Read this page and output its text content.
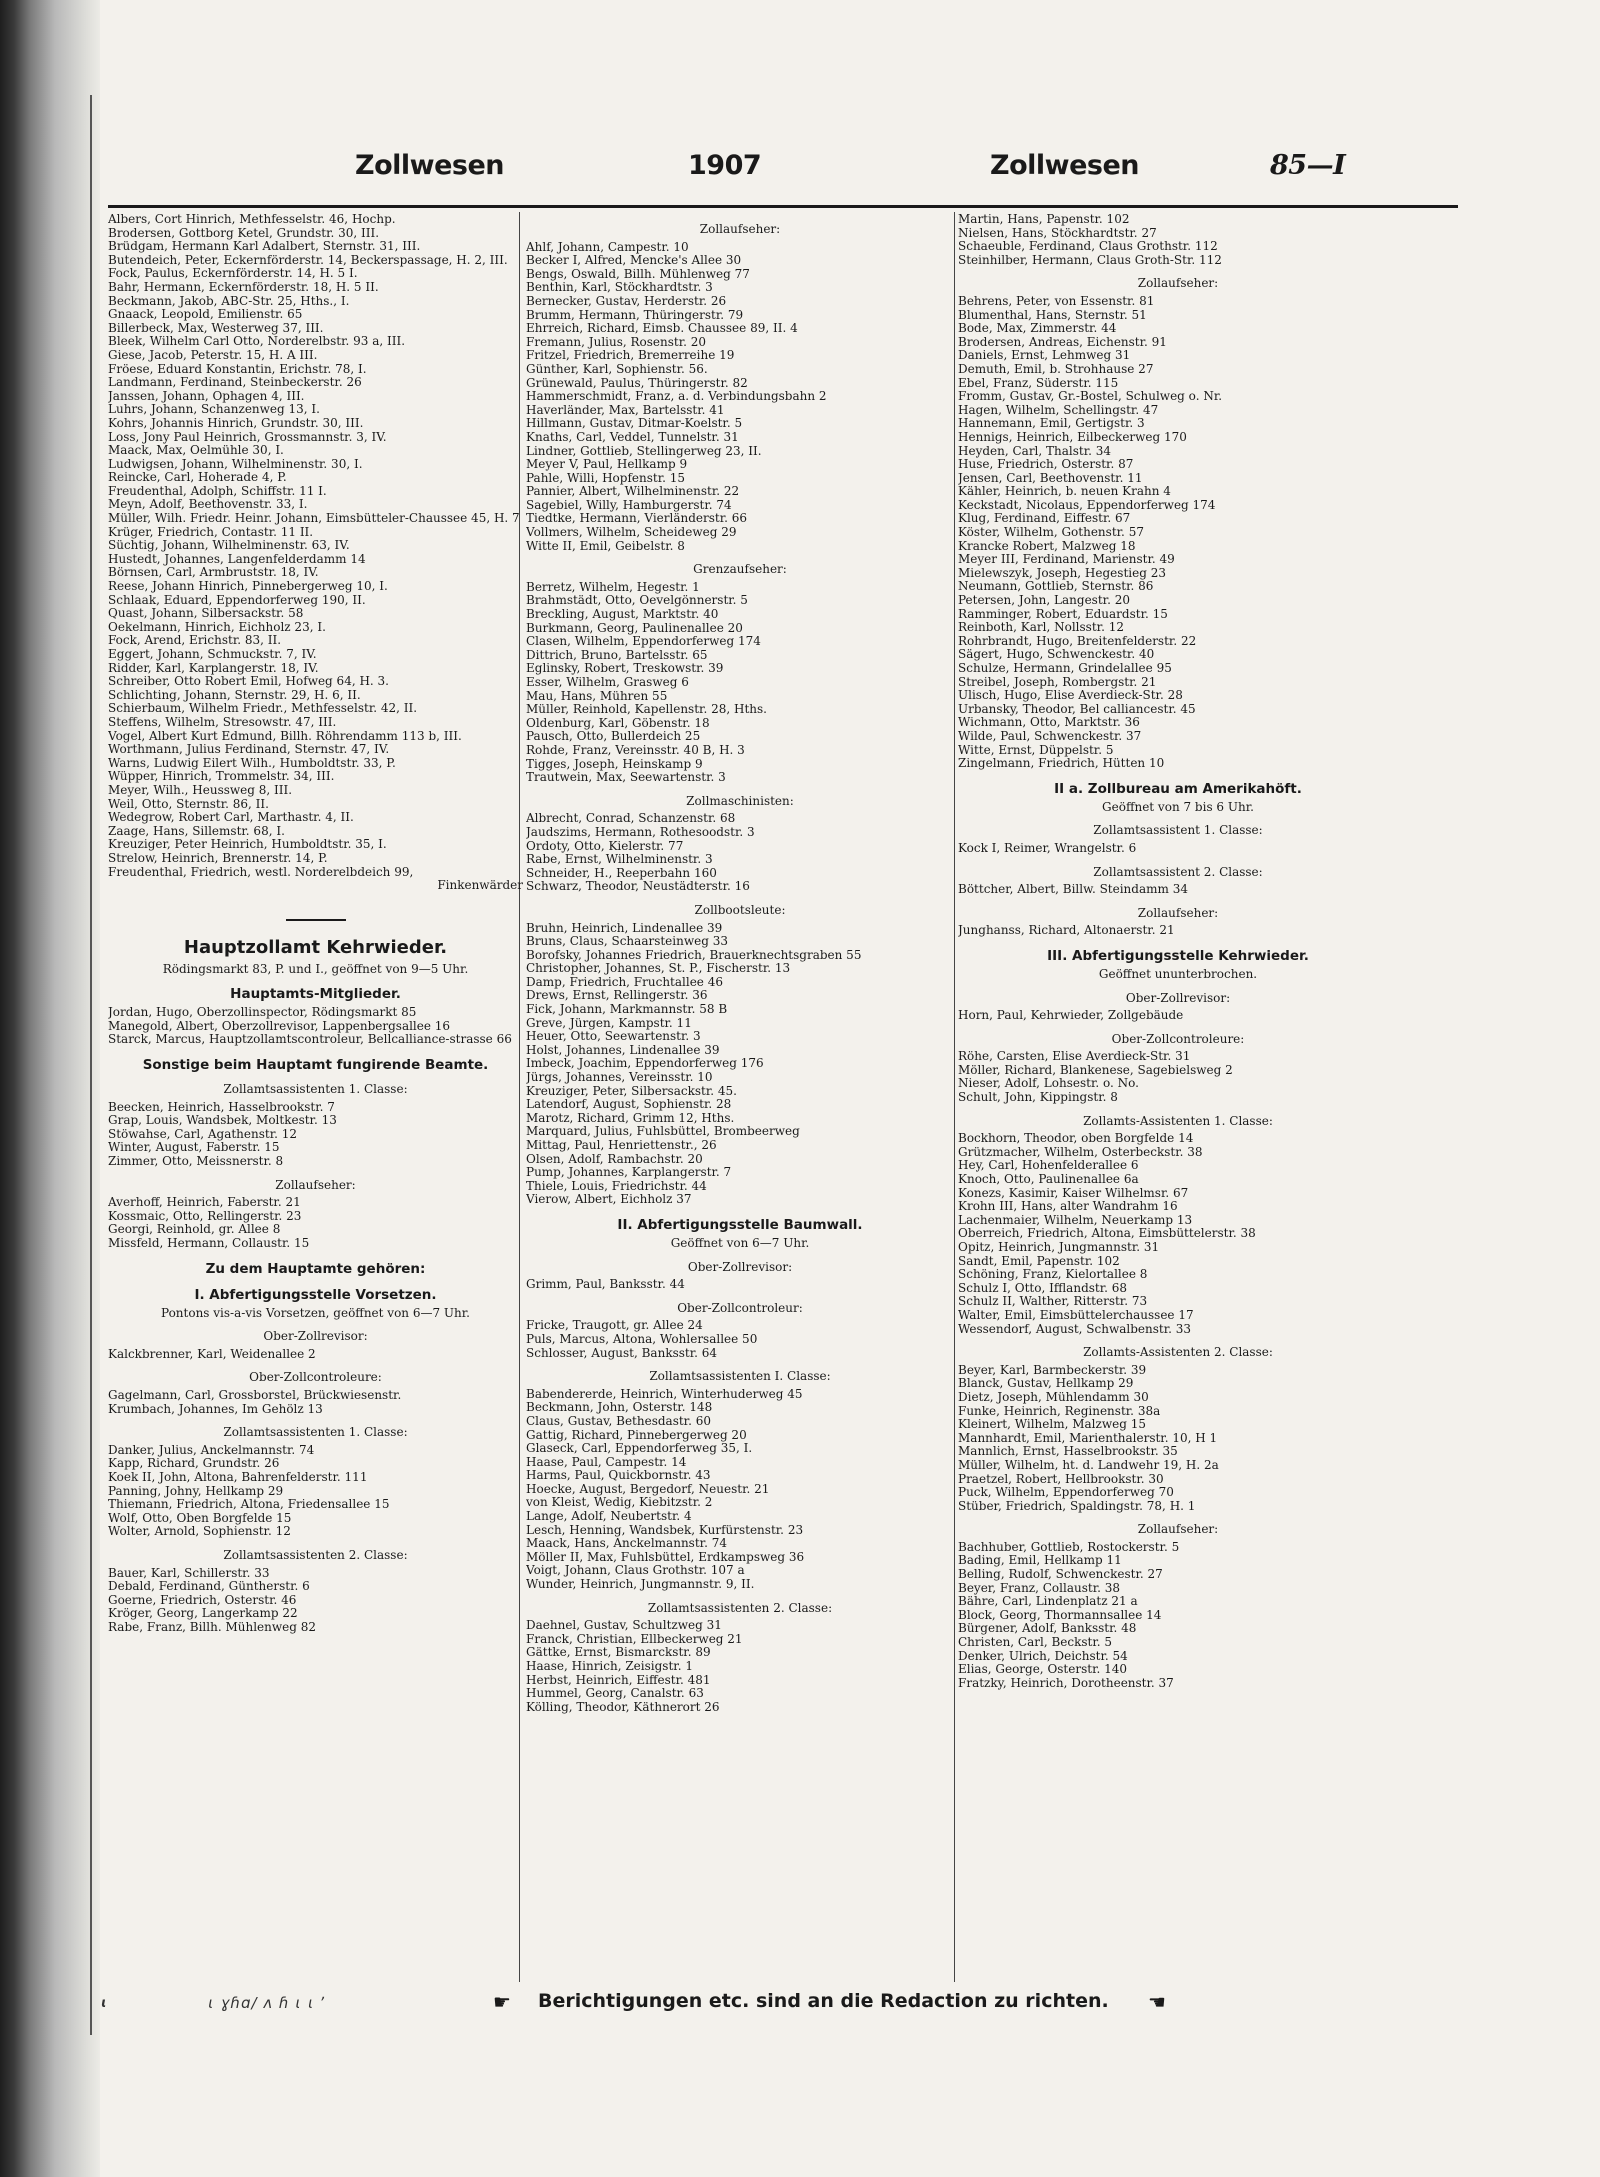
Zollwesen	1907	Zollwesen	85—I
Albers, Cort Hinrich, Methfesselstr. 46, Hochp.
Brodersen, Gottborg Ketel, Grundstr. 30, III.
Brüdgam, Hermann Karl Adalbert, Sternstr. 31, III.
Butendeich, Peter, Eckernförderstr. 14, Beckerspassage, H. 2, III.
Fock, Paulus, Eckernförderstr. 14, H. 5 I.
Bahr, Hermann, Eckernförderstr. 18, H. 5 II.
Beckmann, Jakob, ABC-Str. 25, Hths., I.
Gnaack, Leopold, Emilienstr. 65
Billerbeck, Max, Westerweg 37, III.
Bleek, Wilhelm Carl Otto, Norderelbstr. 93 a, III.
Giese, Jacob, Peterstr. 15, H. A III.
Fröese, Eduard Konstantin, Erichstr. 78, I.
Landmann, Ferdinand, Steinbeckerstr. 26
Janssen, Johann, Ophagen 4, III.
Luhrs, Johann, Schanzenweg 13, I.
Kohrs, Johannis Hinrich, Grundstr. 30, III.
Loss, Jony Paul Heinrich, Grossmannstr. 3, IV.
Maack, Max, Oelmühle 30, I.
Ludwigsen, Johann, Wilhelminenstr. 30, I.
Reincke, Carl, Hoherade 4, P.
Freudenthal, Adolph, Schiffstr. 11 I.
Meyn, Adolf, Beethovenstr. 33, I.
Müller, Wilh. Friedr. Heinr. Johann, Eimsbütteler-Chaussee 45, H. 7
Krüger, Friedrich, Contastr. 11 II.
Süchtig, Johann, Wilhelminenstr. 63, IV.
Hustedt, Johannes, Langenfelderdamm 14
Börnsen, Carl, Armbruststr. 18, IV.
Reese, Johann Hinrich, Pinnebergerweg 10, I.
Schlaak, Eduard, Eppendorferweg 190, II.
Quast, Johann, Silbersackstr. 58
Oekelmann, Hinrich, Eichholz 23, I.
Fock, Arend, Erichstr. 83, II.
Eggert, Johann, Schmuckstr. 7, IV.
Ridder, Karl, Karplangerstr. 18, IV.
Schreiber, Otto Robert Emil, Hofweg 64, H. 3.
Schlichting, Johann, Sternstr. 29, H. 6, II.
Schierbaum, Wilhelm Friedr., Methfesselstr. 42, II.
Steffens, Wilhelm, Stresowstr. 47, III.
Vogel, Albert Kurt Edmund, Billh. Röhrendamm 113 b, III.
Worthmann, Julius Ferdinand, Sternstr. 47, IV.
Warns, Ludwig Eilert Wilh., Humboldtstr. 33, P.
Wüpper, Hinrich, Trommelstr. 34, III.
Meyer, Wilh., Heussweg 8, III.
Weil, Otto, Sternstr. 86, II.
Wedegrow, Robert Carl, Marthastr. 4, II.
Zaage, Hans, Sillemstr. 68, I.
Kreuziger, Peter Heinrich, Humboldtstr. 35, I.
Strelow, Heinrich, Brennerstr. 14, P.
Freudenthal, Friedrich, westl. Norderelbdeich 99,
Finkenwärder
Hauptzollamt Kehrwieder.
Rödingsmarkt 83, P. und I., geöffnet von 9—5 Uhr.
Hauptamts-Mitglieder.
Jordan, Hugo, Oberzollinspector, Rödingsmarkt 85
Manegold, Albert, Oberzollrevisor, Lappenbergsallee 16
Starck, Marcus, Hauptzollamtscontroleur, Bellcalliance-strasse 66
Sonstige beim Hauptamt fungirende Beamte.
Zollamtsassistenten 1. Classe:
Beecken, Heinrich, Hasselbrookstr. 7
Grap, Louis, Wandsbek, Moltkestr. 13
Stöwahse, Carl, Agathenstr. 12
Winter, August, Faberstr. 15
Zimmer, Otto, Meissnerstr. 8
Zollaufseher:
Averhoff, Heinrich, Faberstr. 21
Kossmaic, Otto, Rellingerstr. 23
Georgi, Reinhold, gr. Allee 8
Missfeld, Hermann, Collaustr. 15
Zu dem Hauptamte gehören:
I. Abfertigungsstelle Vorsetzen.
Pontons vis-a-vis Vorsetzen, geöffnet von 6—7 Uhr.
Ober-Zollrevisor:
Kalckbrenner, Karl, Weidenallee 2
Ober-Zollcontroleure:
Gagelmann, Carl, Grossborstel, Brückwiesenstr.
Krumbach, Johannes, Im Gehölz 13
Zollamtsassistenten 1. Classe:
Danker, Julius, Anckelmannstr. 74
Kapp, Richard, Grundstr. 26
Koek II, John, Altona, Bahrenfelderstr. 111
Panning, Johny, Hellkamp 29
Thiemann, Friedrich, Altona, Friedensallee 15
Wolf, Otto, Oben Borgfelde 15
Wolter, Arnold, Sophienstr. 12
Zollamtsassistenten 2. Classe:
Bauer, Karl, Schillerstr. 33
Debald, Ferdinand, Güntherstr. 6
Goerne, Friedrich, Osterstr. 46
Kröger, Georg, Langerkamp 22
Rabe, Franz, Billh. Mühlenweg 82
Zollaufseher:
Ahlf, Johann, Campestr. 10
Becker I, Alfred, Mencke's Allee 30
Bengs, Oswald, Billh. Mühlenweg 77
Benthin, Karl, Stöckhardtstr. 3
Bernecker, Gustav, Herderstr. 26
Brumm, Hermann, Thüringerstr. 79
Ehrreich, Richard, Eimsb. Chaussee 89, II. 4
Fremann, Julius, Rosenstr. 20
Fritzel, Friedrich, Bremerreihe 19
Günther, Karl, Sophienstr. 56.
Grünewald, Paulus, Thüringerstr. 82
Hammerschmidt, Franz, a. d. Verbindungsbahn 2
Haverländer, Max, Bartelsstr. 41
Hillmann, Gustav, Ditmar-Koelstr. 5
Knaths, Carl, Veddel, Tunnelstr. 31
Lindner, Gottlieb, Stellingerweg 23, II.
Meyer V, Paul, Hellkamp 9
Pahle, Willi, Hopfenstr. 15
Pannier, Albert, Wilhelminenstr. 22
Sagebiel, Willy, Hamburgerstr. 74
Tiedtke, Hermann, Vierländerstr. 66
Vollmers, Wilhelm, Scheideweg 29
Witte II, Emil, Geibelstr. 8
Grenzaufseher:
Berretz, Wilhelm, Hegestr. 1
Brahmstädt, Otto, Oevelgönnerstr. 5
Breckling, August, Marktstr. 40
Burkmann, Georg, Paulinenallee 20
Clasen, Wilhelm, Eppendorferweg 174
Dittrich, Bruno, Bartelsstr. 65
Eglinsky, Robert, Treskowstr. 39
Esser, Wilhelm, Grasweg 6
Mau, Hans, Mühren 55
Müller, Reinhold, Kapellenstr. 28, Hths.
Oldenburg, Karl, Göbenstr. 18
Pausch, Otto, Bullerdeich 25
Rohde, Franz, Vereinsstr. 40 B, H. 3
Tigges, Joseph, Heinskamp 9
Trautwein, Max, Seewartenstr. 3
Zollmaschinisten:
Albrecht, Conrad, Schanzenstr. 68
Jaudszims, Hermann, Rothesoodstr. 3
Ordoty, Otto, Kielerstr. 77
Rabe, Ernst, Wilhelminenstr. 3
Schneider, H., Reeperbahn 160
Schwarz, Theodor, Neustädterstr. 16
Zollbootsleute:
Bruhn, Heinrich, Lindenallee 39
Bruns, Claus, Schaarsteinweg 33
Borofsky, Johannes Friedrich, Brauerknechtsgraben 55
Christopher, Johannes, St. P., Fischerstr. 13
Damp, Friedrich, Fruchtallee 46
Drews, Ernst, Rellingerstr. 36
Fick, Johann, Markmannstr. 58 B
Greve, Jürgen, Kampstr. 11
Heuer, Otto, Seewartenstr. 3
Holst, Johannes, Lindenallee 39
Imbeck, Joachim, Eppendorferweg 176
Jürgs, Johannes, Vereinsstr. 10
Kreuziger, Peter, Silbersackstr. 45.
Latendorf, August, Sophienstr. 28
Marotz, Richard, Grimm 12, Hths.
Marquard, Julius, Fuhlsbüttel, Brombeerweg
Mittag, Paul, Henriettenstr., 26
Olsen, Adolf, Rambachstr. 20
Pump, Johannes, Karplangerstr. 7
Thiele, Louis, Friedrichstr. 44
Vierow, Albert, Eichholz 37
II. Abfertigungsstelle Baumwall.
Geöffnet von 6—7 Uhr.
Ober-Zollrevisor:
Grimm, Paul, Banksstr. 44
Ober-Zollcontroleur:
Fricke, Traugott, gr. Allee 24
Puls, Marcus, Altona, Wohlersallee 50
Schlosser, August, Banksstr. 64
Zollamtsassistenten I. Classe:
Babendererde, Heinrich, Winterhuderweg 45
Beckmann, John, Osterstr. 148
Claus, Gustav, Bethesdastr. 60
Gattig, Richard, Pinnebergerweg 20
Glaseck, Carl, Eppendorferweg 35, I.
Haase, Paul, Campestr. 14
Harms, Paul, Quickbornstr. 43
Hoecke, August, Bergedorf, Neuestr. 21
von Kleist, Wedig, Kiebitzstr. 2
Lange, Adolf, Neubertstr. 4
Lesch, Henning, Wandsbek, Kurfürstenstr. 23
Maack, Hans, Anckelmannstr. 74
Möller II, Max, Fuhlsbüttel, Erdkampsweg 36
Voigt, Johann, Claus Grothstr. 107 a
Wunder, Heinrich, Jungmannstr. 9, II.
Zollamtsassistenten 2. Classe:
Daehnel, Gustav, Schultzweg 31
Franck, Christian, Ellbeckerweg 21
Gättke, Ernst, Bismarckstr. 89
Haase, Hinrich, Zeisigstr. 1
Herbst, Heinrich, Eiffestr. 481
Hummel, Georg, Canalstr. 63
Kölling, Theodor, Käthnerort 26
Martin, Hans, Papenstr. 102
Nielsen, Hans, Stöckhardtstr. 27
Schaeuble, Ferdinand, Claus Grothstr. 112
Steinhilber, Hermann, Claus Groth-Str. 112
Zollaufseher:
Behrens, Peter, von Essenstr. 81
Blumenthal, Hans, Sternstr. 51
Bode, Max, Zimmerstr. 44
Brodersen, Andreas, Eichenstr. 91
Daniels, Ernst, Lehmweg 31
Demuth, Emil, b. Strohhause 27
Ebel, Franz, Süderstr. 115
Fromm, Gustav, Gr.-Bostel, Schulweg o. Nr.
Hagen, Wilhelm, Schellingstr. 47
Hannemann, Emil, Gertigstr. 3
Hennigs, Heinrich, Eilbeckerweg 170
Heyden, Carl, Thalstr. 34
Huse, Friedrich, Osterstr. 87
Jensen, Carl, Beethovenstr. 11
Kähler, Heinrich, b. neuen Krahn 4
Keckstadt, Nicolaus, Eppendorferweg 174
Klug, Ferdinand, Eiffestr. 67
Köster, Wilhelm, Gothenstr. 57
Krancke Robert, Malzweg 18
Meyer III, Ferdinand, Marienstr. 49
Mielewszyk, Joseph, Hegestieg 23
Neumann, Gottlieb, Sternstr. 86
Petersen, John, Langestr. 20
Ramminger, Robert, Eduardstr. 15
Reinboth, Karl, Nollsstr. 12
Rohrbrandt, Hugo, Breitenfelderstr. 22
Sägert, Hugo, Schwenckestr. 40
Schulze, Hermann, Grindelallee 95
Streibel, Joseph, Rombergstr. 21
Ulisch, Hugo, Elise Averdieck-Str. 28
Urbansky, Theodor, Bel calliancestr. 45
Wichmann, Otto, Marktstr. 36
Wilde, Paul, Schwenckestr. 37
Witte, Ernst, Düppelstr. 5
Zingelmann, Friedrich, Hütten 10
II a. Zollbureau am Amerikahöft.
Geöffnet von 7 bis 6 Uhr.
Zollamtsassistent 1. Classe:
Kock I, Reimer, Wrangelstr. 6
Zollamtsassistent 2. Classe:
Böttcher, Albert, Billw. Steindamm 34
Zollaufseher:
Junghanss, Richard, Altonaerstr. 21
III. Abfertigungsstelle Kehrwieder.
Geöffnet ununterbrochen.
Ober-Zollrevisor:
Horn, Paul, Kehrwieder, Zollgebäude
Ober-Zollcontroleure:
Röhe, Carsten, Elise Averdieck-Str. 31
Möller, Richard, Blankenese, Sagebielsweg 2
Nieser, Adolf, Lohsestr. o. No.
Schult, John, Kippingstr. 8
Zollamts-Assistenten 1. Classe:
Bockhorn, Theodor, oben Borgfelde 14
Grützmacher, Wilhelm, Osterbeckstr. 38
Hey, Carl, Hohenfelderallee 6
Knoch, Otto, Paulinenallee 6a
Konezs, Kasimir, Kaiser Wilhelmsr. 67
Krohn III, Hans, alter Wandrahm 16
Lachenmaier, Wilhelm, Neuerkamp 13
Oberreich, Friedrich, Altona, Eimsbüttelerstr. 38
Opitz, Heinrich, Jungmannstr. 31
Sandt, Emil, Papenstr. 102
Schöning, Franz, Kielortallee 8
Schulz I, Otto, Ifflandstr. 68
Schulz II, Walther, Ritterstr. 73
Walter, Emil, Eimsbüttelerchaussee 17
Wessendorf, August, Schwalbenstr. 33
Zollamts-Assistenten 2. Classe:
Beyer, Karl, Barmbeckerstr. 39
Blanck, Gustav, Hellkamp 29
Dietz, Joseph, Mühlendamm 30
Funke, Heinrich, Reginenstr. 38a
Kleinert, Wilhelm, Malzweg 15
Mannhardt, Emil, Marienthalerstr. 10, H 1
Mannlich, Ernst, Hasselbrookstr. 35
Müller, Wilhelm, ht. d. Landwehr 19, H. 2a
Praetzel, Robert, Hellbrookstr. 30
Puck, Wilhelm, Eppendorferweg 70
Stüber, Friedrich, Spaldingstr. 78, H. 1
Zollaufseher:
Bachhuber, Gottlieb, Rostockerstr. 5
Bading, Emil, Hellkamp 11
Belling, Rudolf, Schwenckestr. 27
Beyer, Franz, Collaustr. 38
Bähre, Carl, Lindenplatz 21 a
Block, Georg, Thormannsallee 14
Bürgener, Adolf, Banksstr. 48
Christen, Carl, Beckstr. 5
Denker, Ulrich, Deichstr. 54
Elias, George, Osterstr. 140
Fratzky, Heinrich, Dorotheenstr. 37
ɩ	ɩ ɣɦɑ/ ʌ ɦ ɩ ɩ ʼ	☛ Berichtigungen etc. sind an die Redaction zu richten. ☚
